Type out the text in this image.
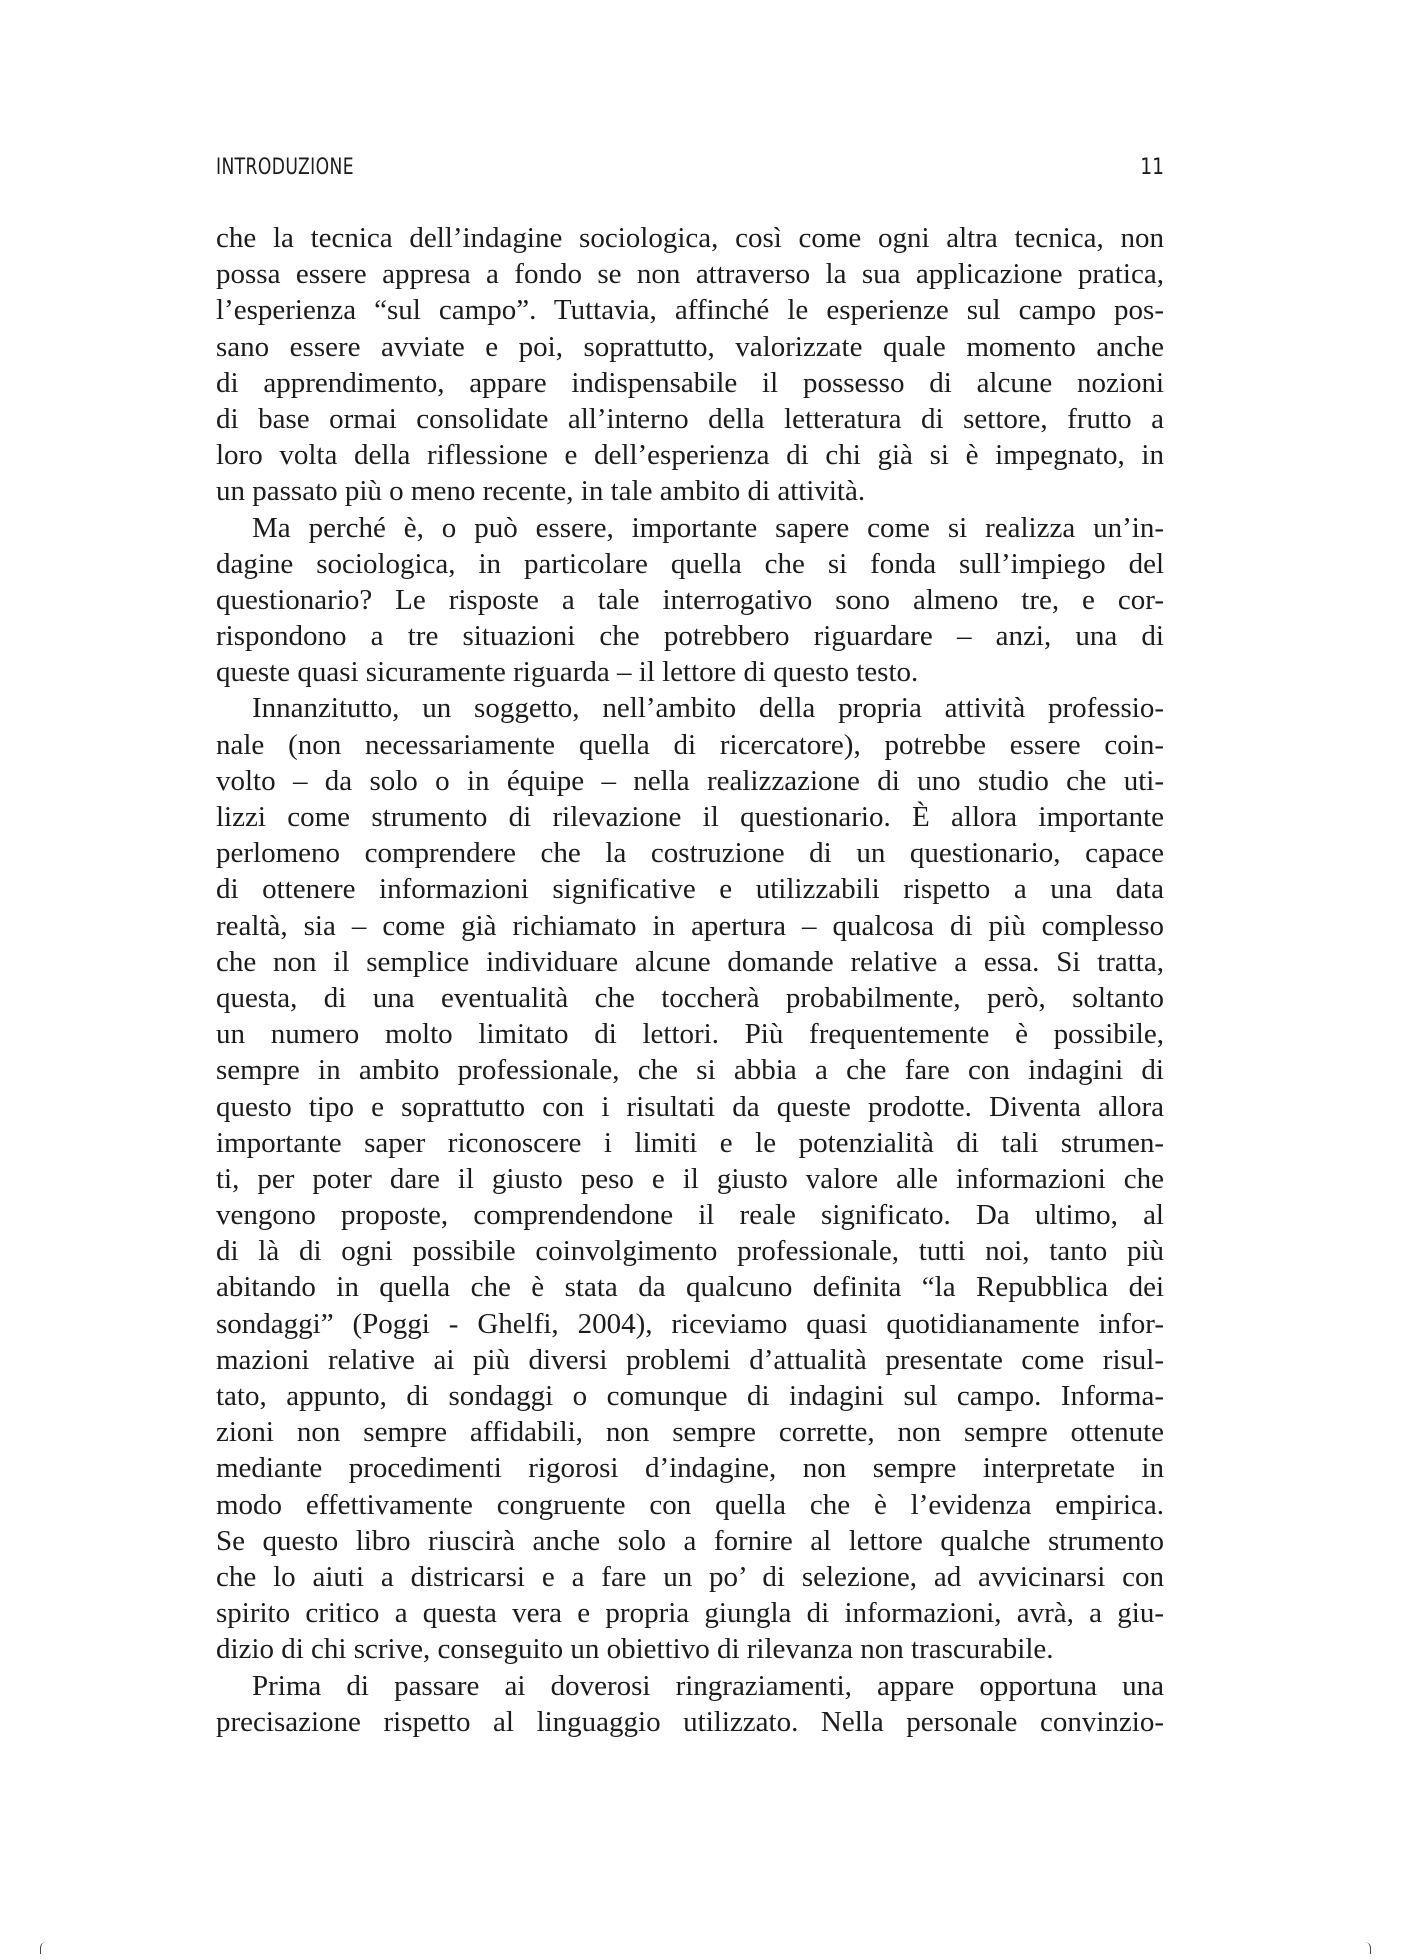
INTRODUZIONE	11
che la tecnica dell’indagine sociologica, così come ogni altra tecnica, non
possa essere appresa a fondo se non attraverso la sua applicazione pratica,
l’esperienza “sul campo”. Tuttavia, affinché le esperienze sul campo pos-
sano essere avviate e poi, soprattutto, valorizzate quale momento anche
di apprendimento, appare indispensabile il possesso di alcune nozioni
di base ormai consolidate all’interno della letteratura di settore, frutto a
loro volta della riflessione e dell’esperienza di chi già si è impegnato, in
un passato più o meno recente, in tale ambito di attività.
Ma perché è, o può essere, importante sapere come si realizza un’in-
dagine sociologica, in particolare quella che si fonda sull’impiego del
questionario? Le risposte a tale interrogativo sono almeno tre, e cor-
rispondono a tre situazioni che potrebbero riguardare – anzi, una di
queste quasi sicuramente riguarda – il lettore di questo testo.
Innanzitutto, un soggetto, nell’ambito della propria attività professio-
nale (non necessariamente quella di ricercatore), potrebbe essere coin-
volto – da solo o in équipe – nella realizzazione di uno studio che uti-
lizzi come strumento di rilevazione il questionario. È allora importante
perlomeno comprendere che la costruzione di un questionario, capace
di ottenere informazioni significative e utilizzabili rispetto a una data
realtà, sia – come già richiamato in apertura – qualcosa di più complesso
che non il semplice individuare alcune domande relative a essa. Si tratta,
questa, di una eventualità che toccherà probabilmente, però, soltanto
un numero molto limitato di lettori. Più frequentemente è possibile,
sempre in ambito professionale, che si abbia a che fare con indagini di
questo tipo e soprattutto con i risultati da queste prodotte. Diventa allora
importante saper riconoscere i limiti e le potenzialità di tali strumen-
ti, per poter dare il giusto peso e il giusto valore alle informazioni che
vengono proposte, comprendendone il reale significato. Da ultimo, al
di là di ogni possibile coinvolgimento professionale, tutti noi, tanto più
abitando in quella che è stata da qualcuno definita “la Repubblica dei
sondaggi” (Poggi - Ghelfi, 2004), riceviamo quasi quotidianamente infor-
mazioni relative ai più diversi problemi d’attualità presentate come risul-
tato, appunto, di sondaggi o comunque di indagini sul campo. Informa-
zioni non sempre affidabili, non sempre corrette, non sempre ottenute
mediante procedimenti rigorosi d’indagine, non sempre interpretate in
modo effettivamente congruente con quella che è l’evidenza empirica.
Se questo libro riuscirà anche solo a fornire al lettore qualche strumento
che lo aiuti a districarsi e a fare un po’ di selezione, ad avvicinarsi con
spirito critico a questa vera e propria giungla di informazioni, avrà, a giu-
dizio di chi scrive, conseguito un obiettivo di rilevanza non trascurabile.
Prima di passare ai doverosi ringraziamenti, appare opportuna una
precisazione rispetto al linguaggio utilizzato. Nella personale convinzio-
